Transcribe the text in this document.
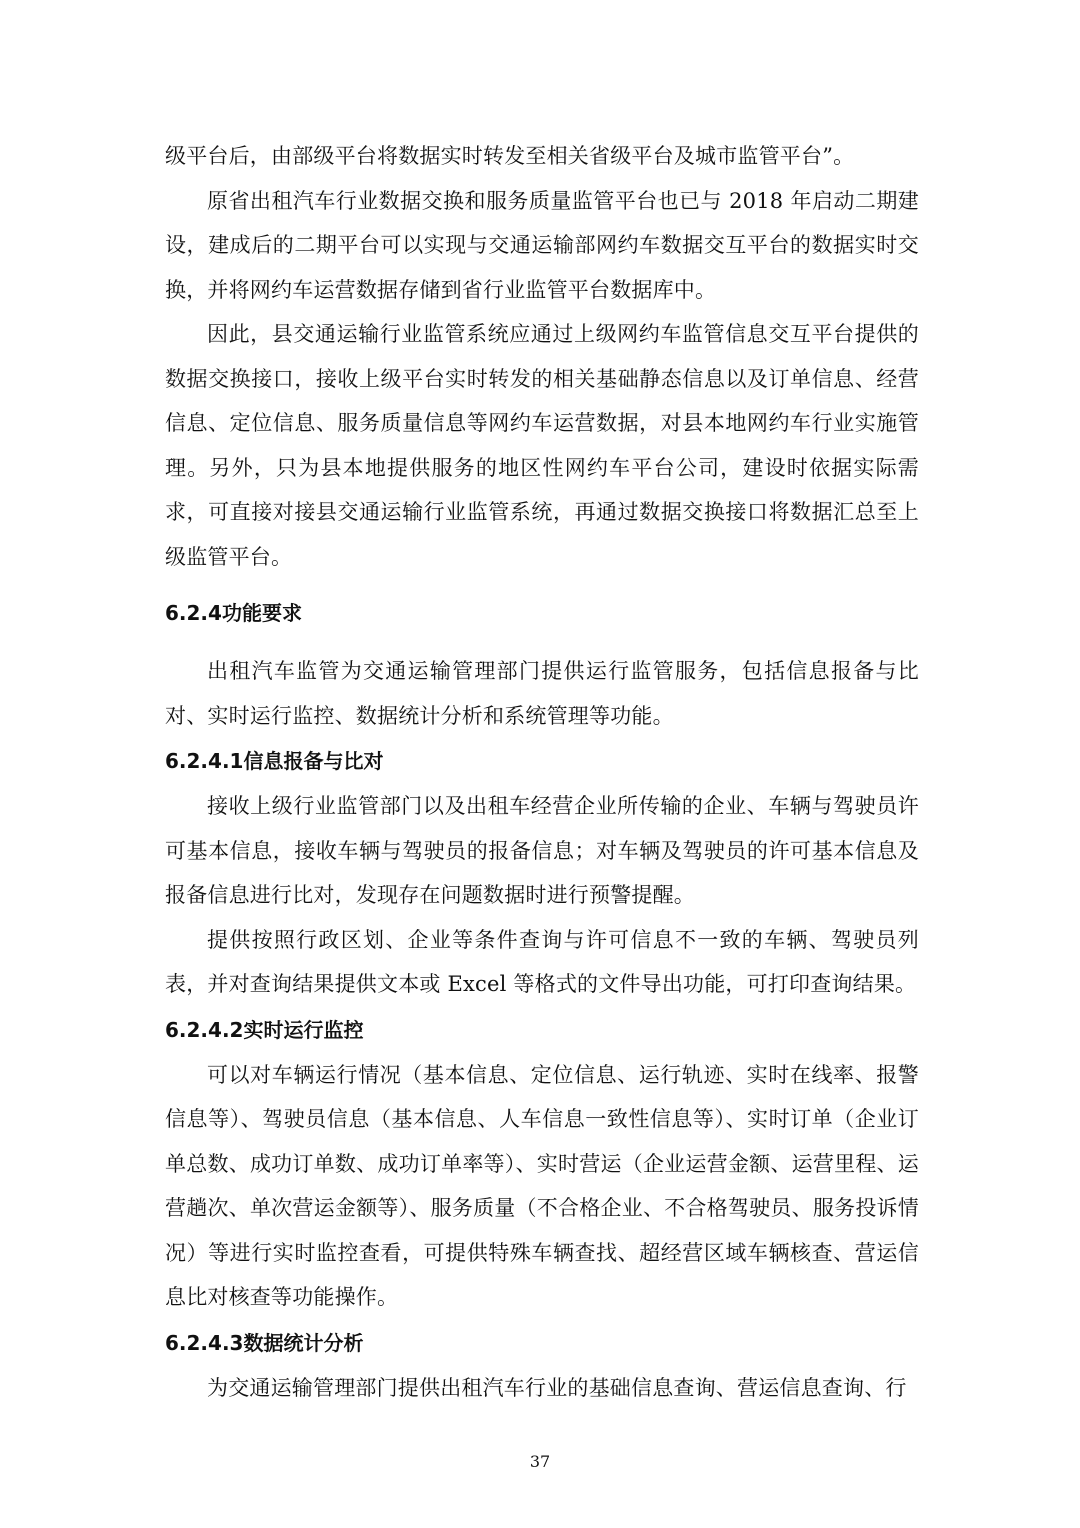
级平台后，由部级平台将数据实时转发至相关省级平台及城市监管平台”。

原省出租汽车行业数据交换和服务质量监管平台也已与 2018 年启动二期建设，建成后的二期平台可以实现与交通运输部网约车数据交互平台的数据实时交换，并将网约车运营数据存储到省行业监管平台数据库中。

因此，县交通运输行业监管系统应通过上级网约车监管信息交互平台提供的数据交换接口，接收上级平台实时转发的相关基础静态信息以及订单信息、经营信息、定位信息、服务质量信息等网约车运营数据，对县本地网约车行业实施管理。另外，只为县本地提供服务的地区性网约车平台公司，建设时依据实际需求，可直接对接县交通运输行业监管系统，再通过数据交换接口将数据汇总至上级监管平台。

6.2.4功能要求

出租汽车监管为交通运输管理部门提供运行监管服务，包括信息报备与比对、实时运行监控、数据统计分析和系统管理等功能。

6.2.4.1信息报备与比对

接收上级行业监管部门以及出租车经营企业所传输的企业、车辆与驾驶员许可基本信息，接收车辆与驾驶员的报备信息；对车辆及驾驶员的许可基本信息及报备信息进行比对，发现存在问题数据时进行预警提醒。

提供按照行政区划、企业等条件查询与许可信息不一致的车辆、驾驶员列表，并对查询结果提供文本或 Excel 等格式的文件导出功能，可打印查询结果。

6.2.4.2实时运行监控

可以对车辆运行情况（基本信息、定位信息、运行轨迹、实时在线率、报警信息等）、驾驶员信息（基本信息、人车信息一致性信息等）、实时订单（企业订单总数、成功订单数、成功订单率等）、实时营运（企业运营金额、运营里程、运营趟次、单次营运金额等）、服务质量（不合格企业、不合格驾驶员、服务投诉情况）等进行实时监控查看，可提供特殊车辆查找、超经营区域车辆核查、营运信息比对核查等功能操作。

6.2.4.3数据统计分析

为交通运输管理部门提供出租汽车行业的基础信息查询、营运信息查询、行

37
